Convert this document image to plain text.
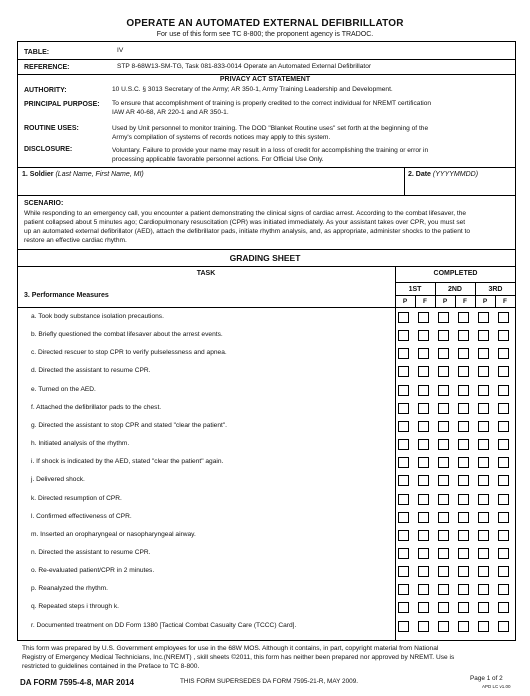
OPERATE AN AUTOMATED EXTERNAL DEFIBRILLATOR
For use of this form see TC 8-800; the proponent agency is TRADOC.
TABLE:	IV
REFERENCE:	STP 8-68W13-SM-TG, Task 081-833-0014 Operate an Automated External Defibrillator
PRIVACY ACT STATEMENT
AUTHORITY:	10 U.S.C. § 3013 Secretary of the Army; AR 350-1, Army Training Leadership and Development.
PRINCIPAL PURPOSE: To ensure that accomplishment of training is properly credited to the correct individual for NREMT certification
IAW AR 40-68, AR 220-1 and AR 350-1.
ROUTINE USES:	Used by Unit personnel to monitor training. The DOD "Blanket Routine uses" set forth at the beginning of the
Army's compilation of systems of records notices may apply to this system.
DISCLOSURE:	Voluntary. Failure to provide your name may result in a loss of credit for accomplishing the training or error in
processing applicable favorable personnel actions. For Official Use Only.
1. Soldier (Last Name, First Name, MI)	2. Date (YYYYMMDD)
SCENARIO:
While responding to an emergency call, you encounter a patient demonstrating the clinical signs of cardiac arrest. According to the combat lifesaver, the
patient collapsed about 5 minutes ago; Cardiopulmonary resuscitation (CPR) was initiated immediately. As your assistant takes over CPR, you must set
up an automated external defibrillator (AED), attach the defibrillator pads, initiate rhythm analysis, and, as appropriate, administer shocks to the patient to
restore an effective cardiac rhythm.
GRADING SHEET
TASK	COMPLETED
3. Performance Measures
1ST	2ND	3RD
P	F	P	F	P	F
a. Took body substance isolation precautions.
b. Briefly questioned the combat lifesaver about the arrest events.
c. Directed rescuer to stop CPR to verify pulselessness and apnea.
d. Directed the assistant to resume CPR.
e. Turned on the AED.
f. Attached the defibrillator pads to the chest.
g. Directed the assistant to stop CPR and stated "clear the patient".
h. Initiated analysis of the rhythm.
i. If shock is indicated by the AED, stated "clear the patient" again.
j. Delivered shock.
k. Directed resumption of CPR.
l. Confirmed effectiveness of CPR.
m. Inserted an oropharyngeal or nasopharyngeal airway.
n. Directed the assistant to resume CPR.
o. Re-evaluated patient/CPR in 2 minutes.
p. Reanalyzed the rhythm.
q. Repeated steps i through k.
r. Documented treatment on DD Form 1380 [Tactical Combat Casualty Care (TCCC) Card].
This form was prepared by U.S. Government employees for use in the 68W MOS. Although it contains, in part, copyright material from National
Registry of Emergency Medical Technicians, Inc.(NREMT) , skill sheets ©2011, this form has neither been prepared nor approved by NREMT. Use is
restricted to guidelines contained in the Preface to TC 8-800.
DA FORM 7595-4-8, MAR 2014	THIS FORM SUPERSEDES DA FORM 7595-21-R, MAY 2009.	Page 1 of 2
APD LC v1.00
